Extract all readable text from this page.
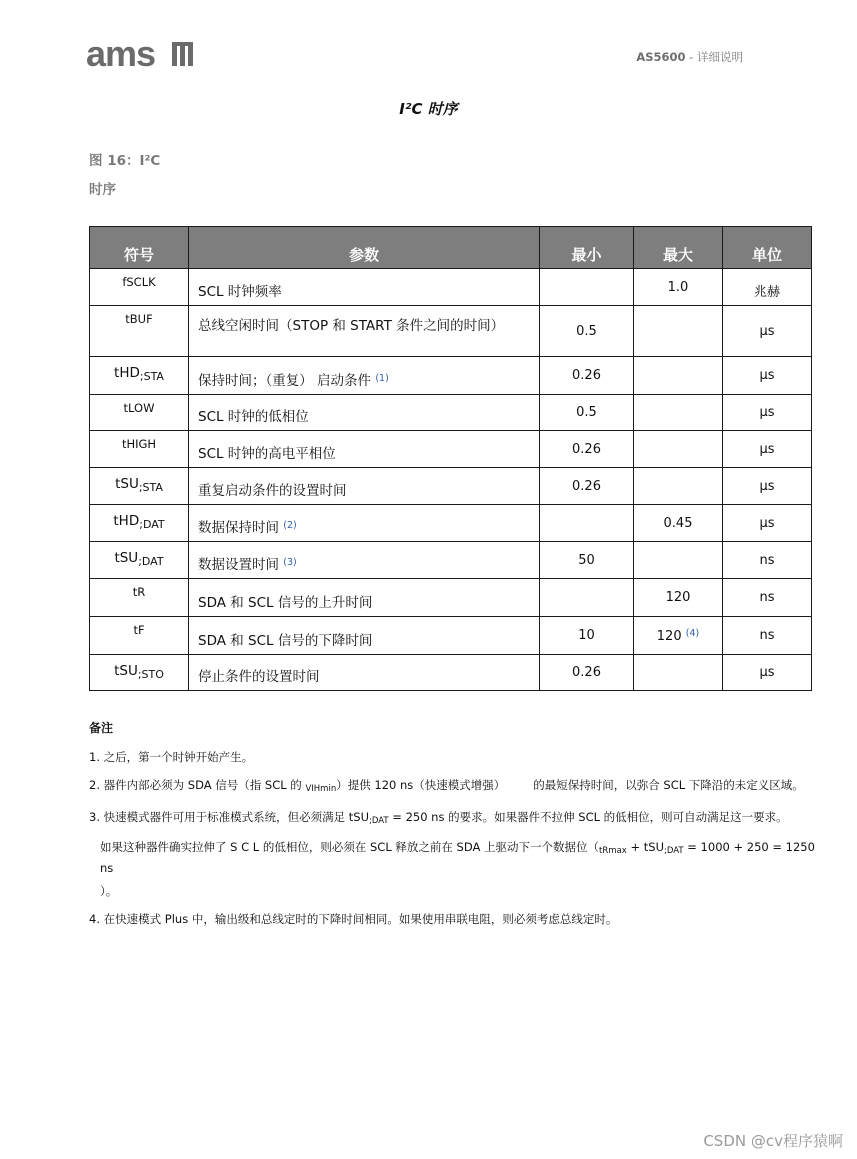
ams	AS5600 - 详细说明
I²C 时序
图 16：I²C
时序
符号	参数	最小	最大	单位
fSCLK	SCL 时钟频率		1.0	兆赫
tBUF	总线空闲时间（STOP 和 START 条件之间的时间）	0.5		μs
tHD$_{;STA}$	保持时间；（重复） 启动条件 $^{(1)}$	0.26		μs
tLOW	SCL 时钟的低相位	0.5		μs
tHIGH	SCL 时钟的高电平相位	0.26		μs
tSU$_{;STA}$	重复启动条件的设置时间	0.26		μs
tHD$_{;DAT}$	数据保持时间 $^{(2)}$		0.45	μs
tSU$_{;DAT}$	数据设置时间 $^{(3)}$	50		ns
tR	SDA 和 SCL 信号的上升时间		120	ns
tF	SDA 和 SCL 信号的下降时间	10	120 $^{(4)}$	ns
tSU$_{;STO}$	停止条件的设置时间	0.26		μs
备注
1. 之后，第一个时钟开始产生。
2. 器件内部必须为 SDA 信号（指 SCL 的 $_{VIHmin}$）提供 120 ns（快速模式增强） 的最短保持时间，以弥合 SCL 下降沿的未定义区域。
3. 快速模式器件可用于标准模式系统，但必须满足 tSU$_{;DAT}$ = 250 ns 的要求。如果器件不拉伸 SCL 的低相位，则可自动满足这一要求。
如果这种器件确实拉伸了 S C L 的低相位，则必须在 SCL 释放之前在 SDA 上驱动下一个数据位（$_{tRmax} + tSU_{;DAT} = 1000 + 250 = 1250$ ns
）。
4. 在快速模式 Plus 中，输出级和总线定时的下降时间相同。如果使用串联电阻，则必须考虑总线定时。
CSDN @cv程序猿啊
